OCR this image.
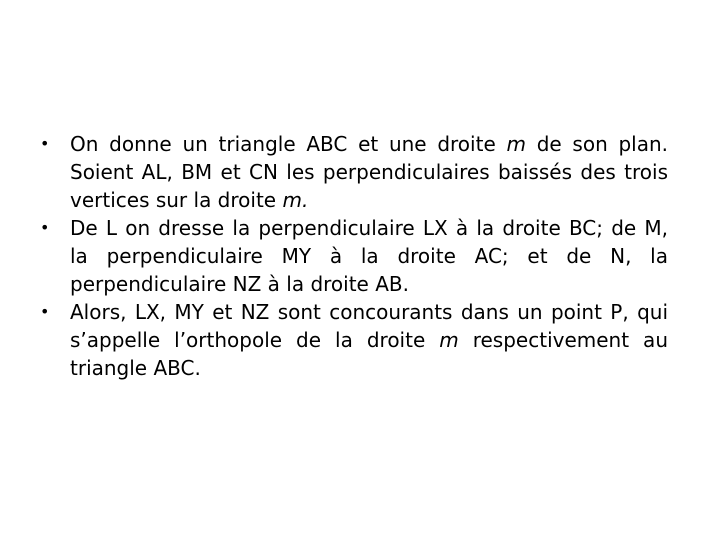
• On donne un triangle ABC et une droite m de son plan. Soient AL, BM et CN les perpendiculaires baissés des trois vertices sur la droite m.
• De L on dresse la perpendiculaire LX à la droite BC; de M, la perpendiculaire MY à la droite AC; et de N, la perpendiculaire NZ à la droite AB.
• Alors, LX, MY et NZ sont concourants dans un point P, qui s’appelle l’orthopole de la droite m respectivement au triangle ABC.
